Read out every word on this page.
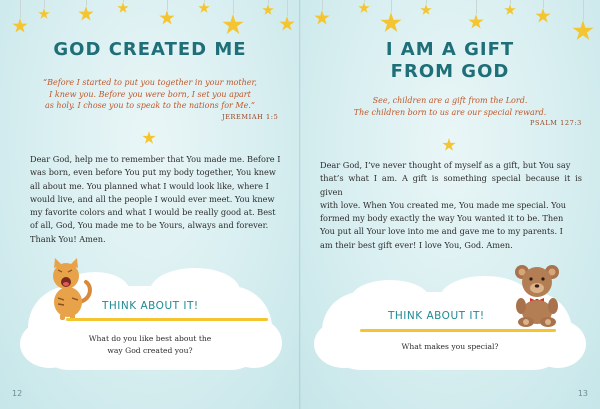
GOD CREATED ME
“Before I started to put you together in your mother,
I knew you. Before you were born, I set you apart
as holy. I chose you to speak to the nations for Me.”
JEREMIAH 1:5
Dear God, help me to remember that You made me. Before I
was born, even before You put my body together, You knew
all about me. You planned what I would look like, where I
would live, and all the people I would ever meet. You knew
my favorite colors and what I would be really good at. Best
of all, God, You made me to be Yours, always and forever.
Thank You! Amen.
THINK ABOUT IT!
What do you like best about the
way God created you?
12
I AM A GIFT
FROM GOD
See, children are a gift from the Lord.
The children born to us are our special reward.
PSALM 127:3
Dear God, I’ve never thought of myself as a gift, but You say
that’s what I am. A gift is something special because it is given
with love. When You created me, You made me special. You
formed my body exactly the way You wanted it to be. Then
You put all Your love into me and gave me to my parents. I
am their best gift ever! I love You, God. Amen.
THINK ABOUT IT!
What makes you special?
13
